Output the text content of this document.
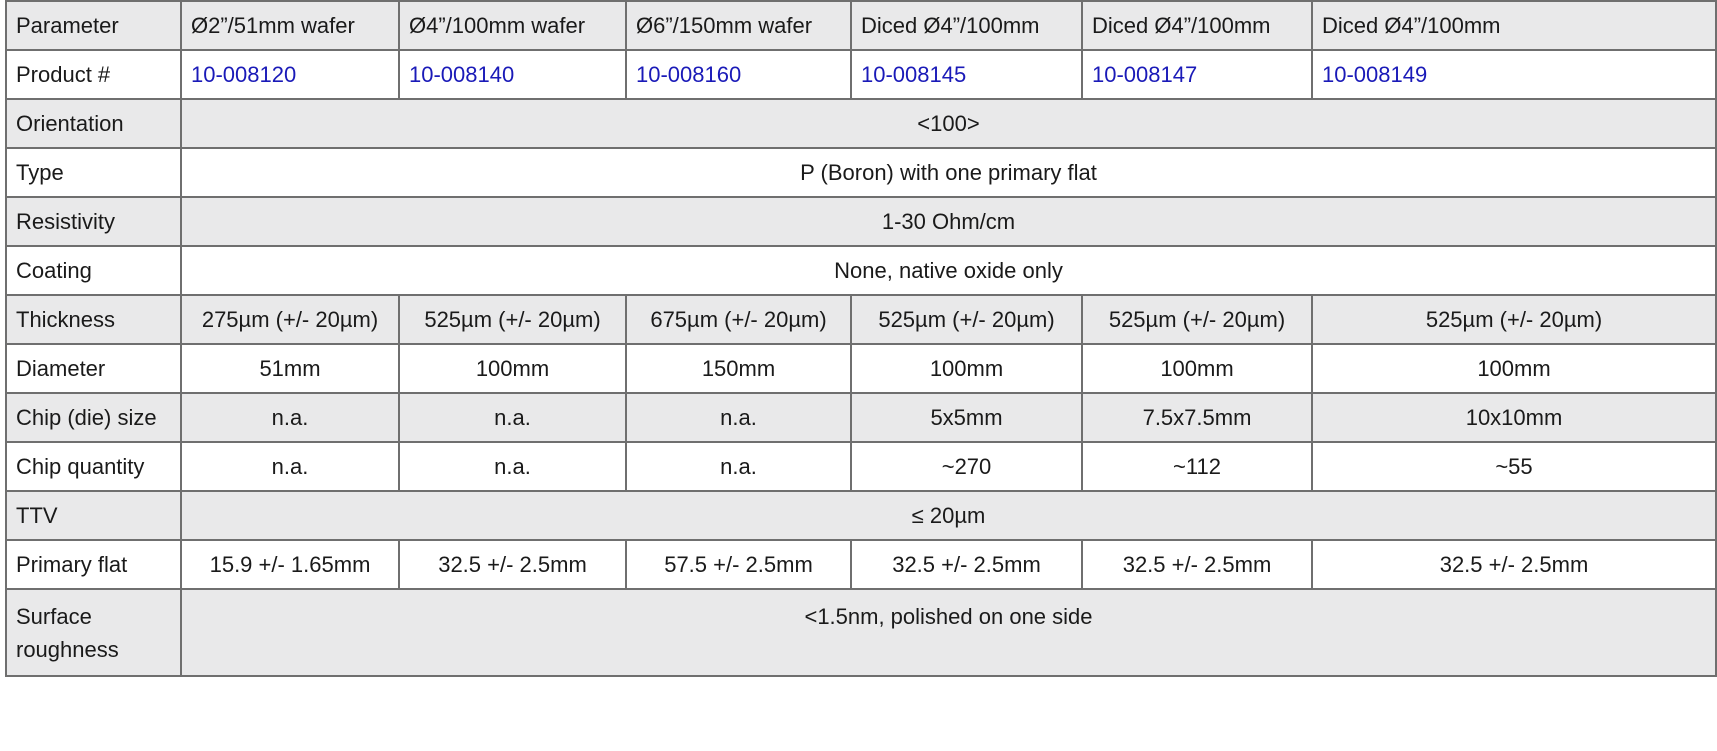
Parameter	Ø2”/51mm wafer	Ø4”/100mm wafer	Ø6”/150mm wafer	Diced Ø4”/100mm	Diced Ø4”/100mm	Diced Ø4”/100mm
Product #	10-008120	10-008140	10-008160	10-008145	10-008147	10-008149
Orientation	<100>					
Type	P (Boron) with one primary flat					
Resistivity	1-30 Ohm/cm					
Coating	None, native oxide only					
Thickness	275µm (+/- 20µm)	525µm (+/- 20µm)	675µm (+/- 20µm)	525µm (+/- 20µm)	525µm (+/- 20µm)	525µm (+/- 20µm)
Diameter	51mm	100mm	150mm	100mm	100mm	100mm
Chip (die) size	n.a.	n.a.	n.a.	5x5mm	7.5x7.5mm	10x10mm
Chip quantity	n.a.	n.a.	n.a.	~270	~112	~55
TTV	≤ 20µm					
Primary flat	15.9 +/- 1.65mm	32.5 +/- 2.5mm	57.5 +/- 2.5mm	32.5 +/- 2.5mm	32.5 +/- 2.5mm	32.5 +/- 2.5mm
Surface roughness	<1.5nm, polished on one side					
